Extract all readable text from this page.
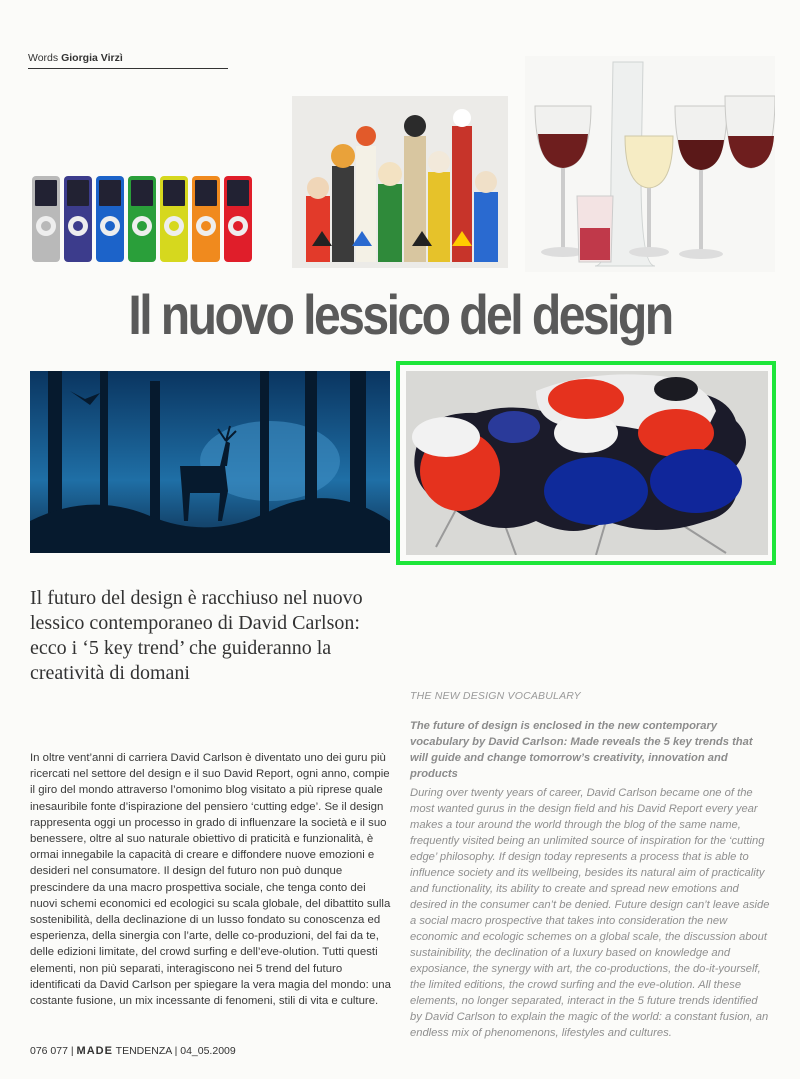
Words Giorgia Virzì
Il nuovo lessico del design
Il futuro del design è racchiuso nel nuovo lessico contemporaneo di David Carlson: ecco i ‘5 key trend’ che guideranno la creatività di domani
In oltre vent’anni di carriera David Carlson è diventato uno dei guru più ricercati nel settore del design e il suo David Report, ogni anno, compie il giro del mondo attraverso l’omonimo blog visitato a più riprese quale inesauribile fonte d’ispirazione del pensiero ‘cutting edge’. Se il design rappresenta oggi un processo in grado di influenzare la società e il suo benessere, oltre al suo naturale obiettivo di praticità e funzionalità, è ormai innegabile la capacità di creare e diffondere nuove emozioni e desideri nel consumatore. Il design del futuro non può dunque prescindere da una macro prospettiva sociale, che tenga conto dei nuovi schemi economici ed ecologici su scala globale, del dibattito sulla sostenibilità, della declinazione di un lusso fondato su conoscenza ed esperienza, della sinergia con l’arte, delle co-produzioni, del fai da te, delle edizioni limitate, del crowd surfing e dell’eve-olution. Tutti questi elementi, non più separati, interagiscono nei 5 trend del futuro identificati da David Carlson per spiegare la vera magia del mondo: una costante fusione, un mix incessante di fenomeni, stili di vita e culture.
THE NEW DESIGN VOCABULARY
The future of design is enclosed in the new contemporary vocabulary by David Carlson: Made reveals the 5 key trends that will guide and change tomorrow’s creativity, innovation and products
During over twenty years of career, David Carlson became one of the most wanted gurus in the design field and his David Report every year makes a tour around the world through the blog of the same name, frequently visited being an unlimited source of inspiration for the ‘cutting edge’ philosophy. If design today represents a process that is able to influence society and its wellbeing, besides its natural aim of practicality and functionality, its ability to create and spread new emotions and desired in the consumer can’t be denied. Future design can’t leave aside a social macro prospective that takes into consideration the new economic and ecologic schemes on a global scale, the discussion about sustainibility, the declination of a luxury based on knowledge and exposiance, the synergy with art, the co-productions, the do-it-yourself, the limited editions, the crowd surfing and the eve-olution. All these elements, no longer separated, interact in the 5 future trends identified by David Carlson to explain the magic of the world: a constant fusion, an endless mix of phenomenons, lifestyles and cultures.
076 077 | MADE TENDENZA | 04_05.2009
